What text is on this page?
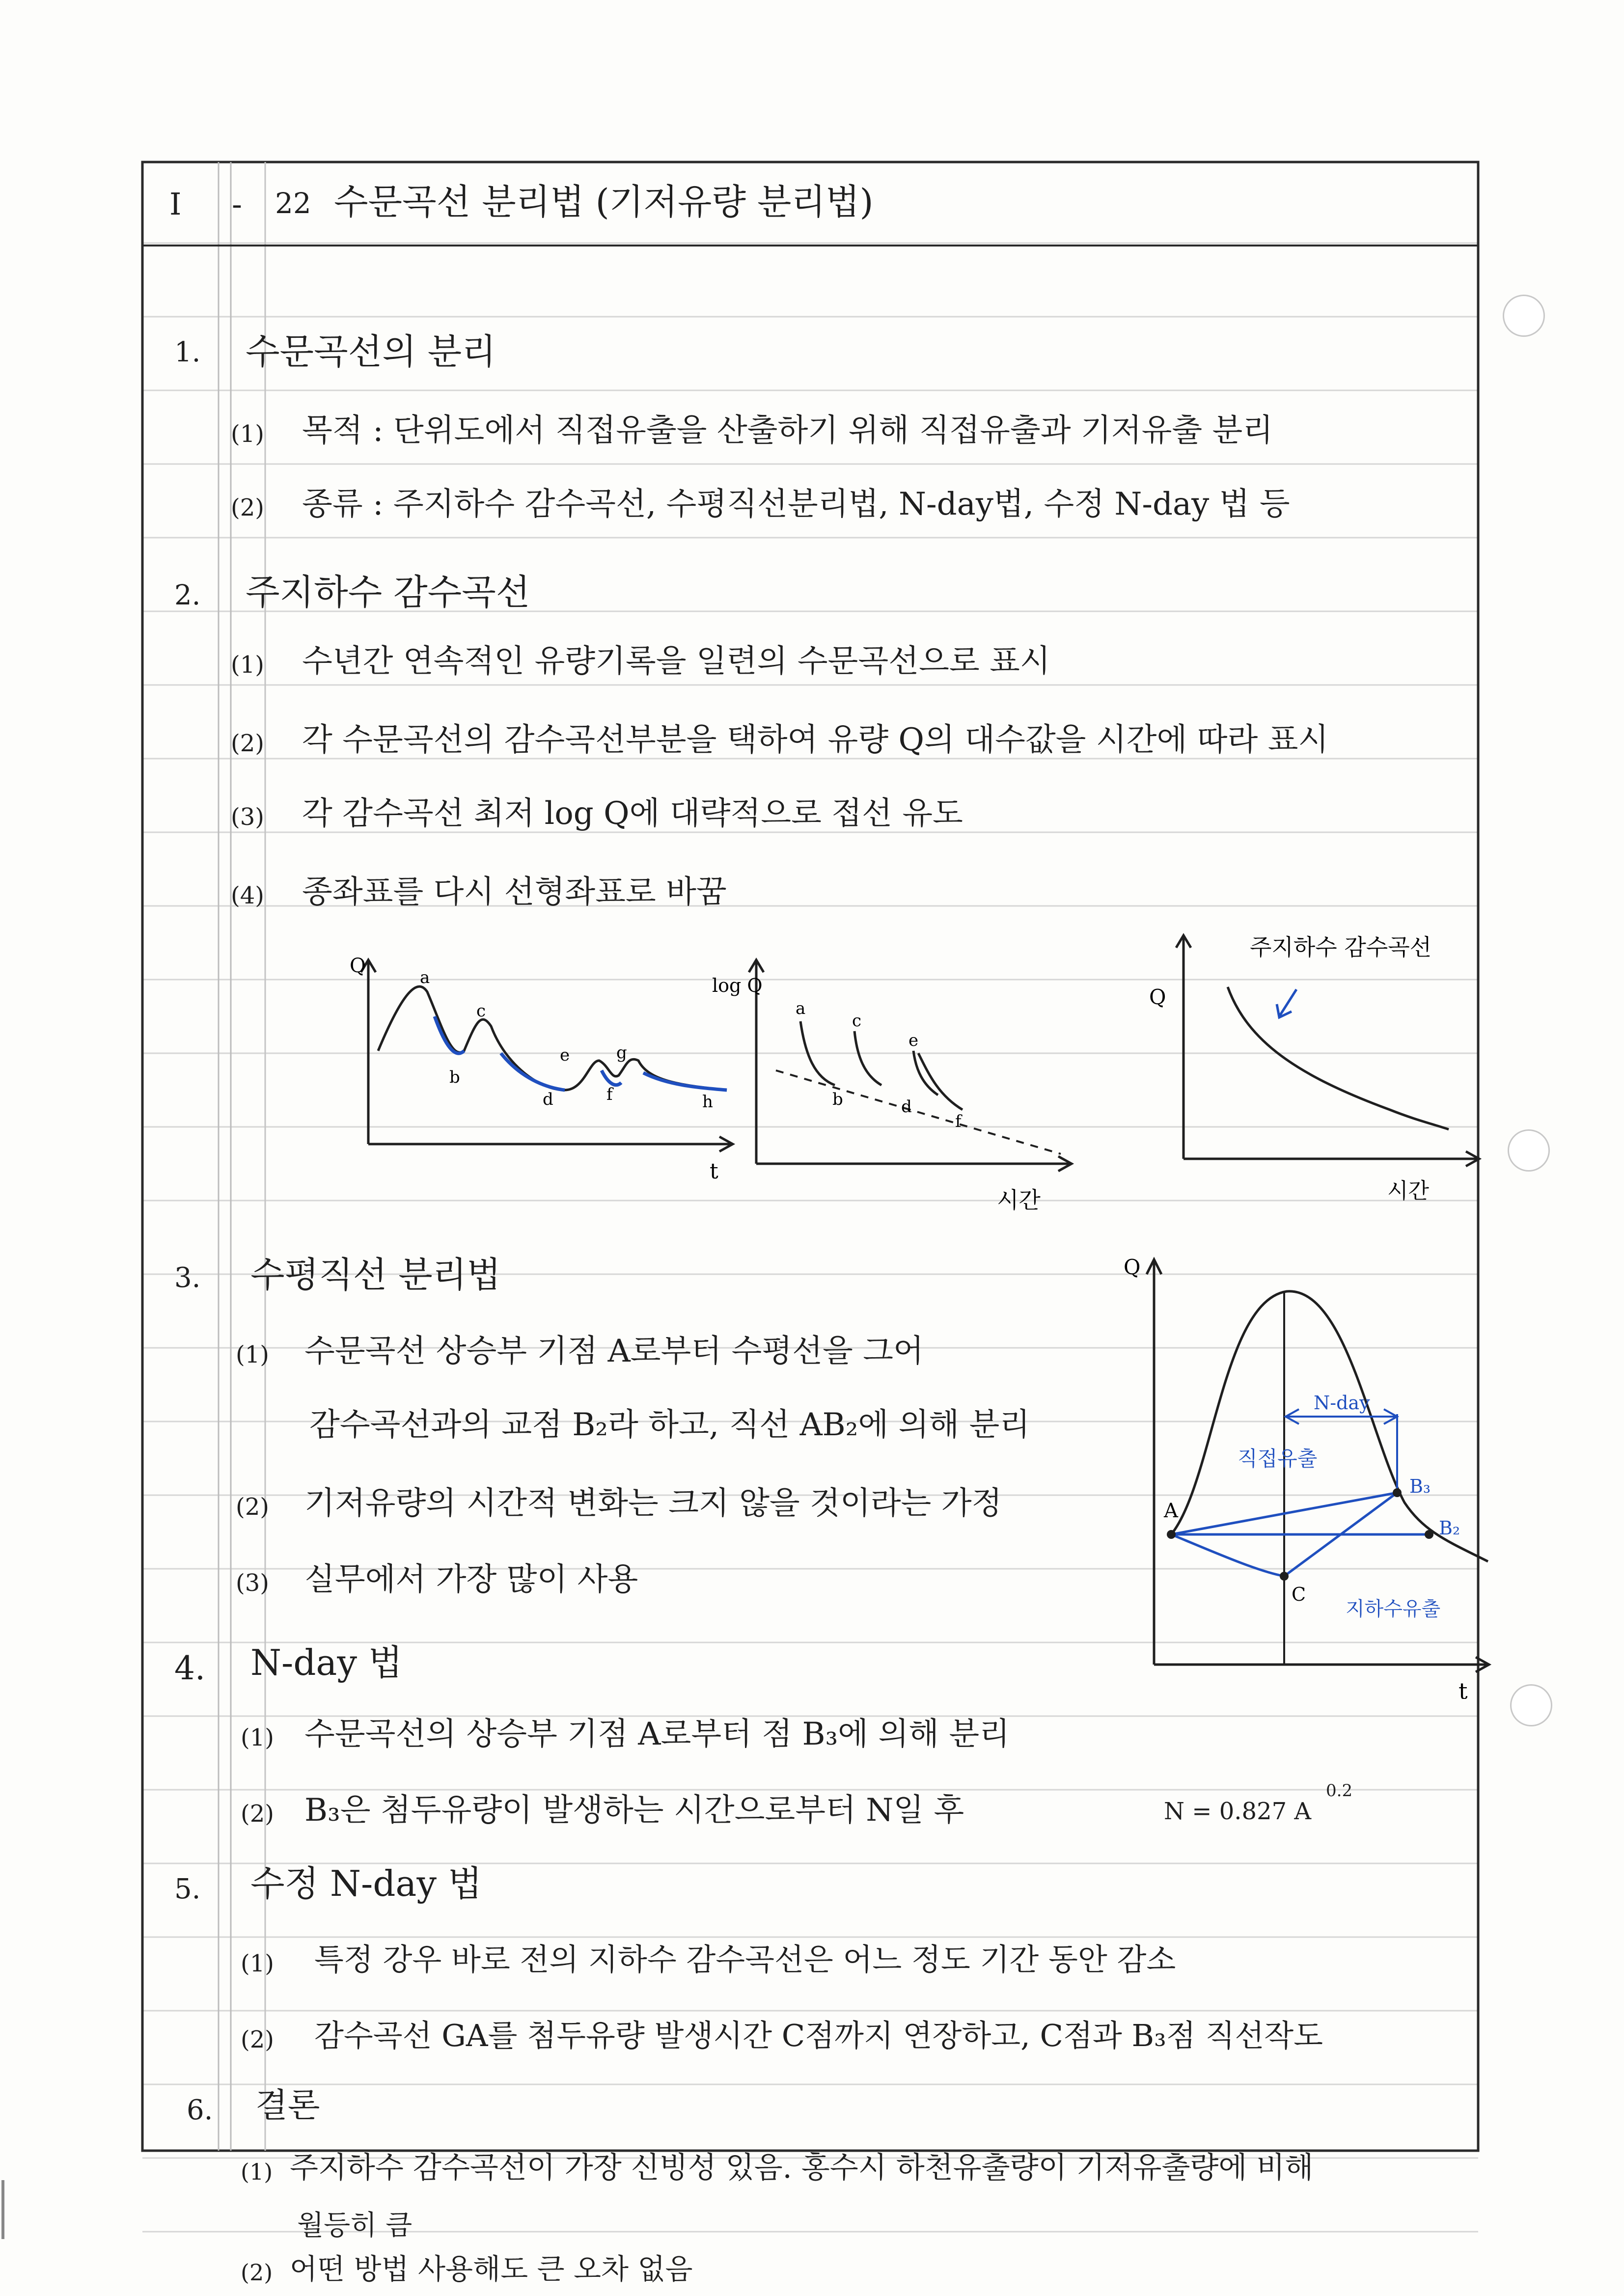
I - 22 수문곡선 분리법 (기저유량 분리법)
1. 수문곡선의 분리
(1) 목적 : 단위도에서 직접유출을 산출하기 위해 직접유출과 기저유출 분리
(2) 종류 : 주지하수 감수곡선, 수평직선분리법, N-day법, 수정 N-day 법 등
2. 주지하수 감수곡선
(1) 수년간 연속적인 유량기록을 일련의 수문곡선으로 표시
(2) 각 수문곡선의 감수곡선부분을 택하여 유량 Q의 대수값을 시간에 따라 표시
(3) 각 감수곡선 최저 log Q에 대략적으로 접선 유도
(4) 종좌표를 다시 선형좌표로 바꿈
Q
t
a
b
c
d
e
f
g
h
log Q
시간
a
b
c
d
e
f
주지하수 감수곡선
Q
시간
3. 수평직선 분리법
(1) 수문곡선 상승부 기점 A로부터 수평선을 그어
감수곡선과의 교점 B₂라 하고, 직선 AB₂에 의해 분리
(2) 기저유량의 시간적 변화는 크지 않을 것이라는 가정
(3) 실무에서 가장 많이 사용
Q
t
N-day
직접유출
A
B₃
B₂
C
지하수유출
4. N-day 법
(1) 수문곡선의 상승부 기점 A로부터 점 B₃에 의해 분리
(2) B₃은 첨두유량이 발생하는 시간으로부터 N일 후	N = 0.827 A
0.2
5. 수정 N-day 법
(1) 특정 강우 바로 전의 지하수 감수곡선은 어느 정도 기간 동안 감소
(2) 감수곡선 GA를 첨두유량 발생시간 C점까지 연장하고, C점과 B₃점 직선작도
6. 결론
(1) 주지하수 감수곡선이 가장 신빙성 있음. 홍수시 하천유출량이 기저유출량에 비해
월등히 큼
(2) 어떤 방법 사용해도 큰 오차 없음
